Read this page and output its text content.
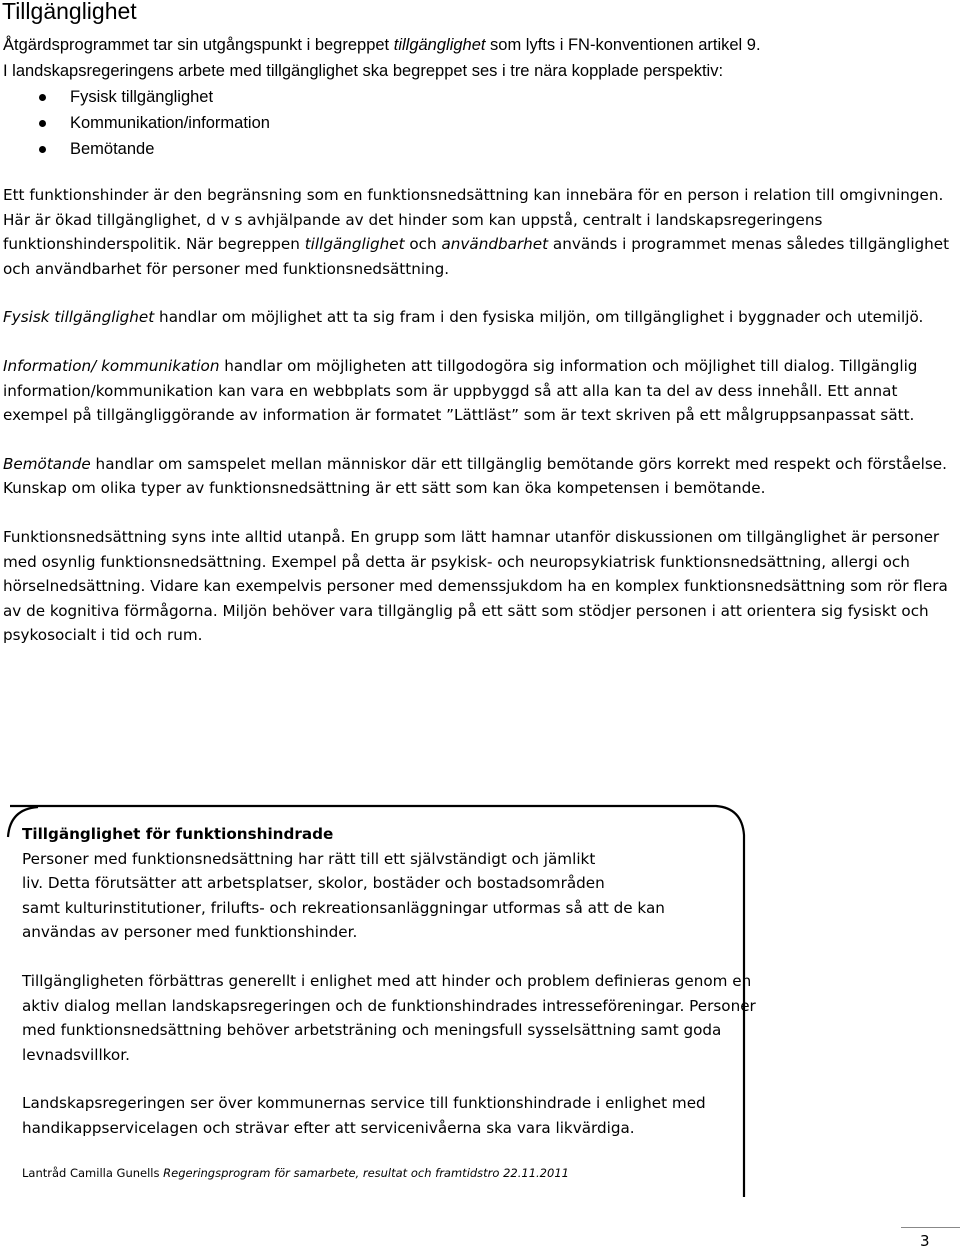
Tillgänglighet

Åtgärdsprogrammet tar sin utgångspunkt i begreppet tillgänglighet som lyfts i FN-konventionen artikel 9.

I landskapsregeringens arbete med tillgänglighet ska begreppet ses i tre nära kopplade perspektiv:

Fysisk tillgänglighet
Kommunikation/information
Bemötande

Ett funktionshinder är den begränsning som en funktionsnedsättning kan innebära för en person i relation till omgivningen. Här är ökad tillgänglighet, d v s avhjälpande av det hinder som kan uppstå, centralt i landskapsregeringens funktionshinderspolitik. När begreppen tillgänglighet och användbarhet används i programmet menas således tillgänglighet och användbarhet för personer med funktionsnedsättning.

Fysisk tillgänglighet handlar om möjlighet att ta sig fram i den fysiska miljön, om tillgänglighet i byggnader och utemiljö.

Information/ kommunikation handlar om möjligheten att tillgodogöra sig information och möjlighet till dialog. Tillgänglig information/kommunikation kan vara en webbplats som är uppbyggd så att alla kan ta del av dess innehåll. Ett annat exempel på tillgängliggörande av information är formatet ”Lättläst” som är text skriven på ett målgruppsanpassat sätt.

Bemötande handlar om samspelet mellan människor där ett tillgänglig bemötande görs korrekt med respekt och förståelse. Kunskap om olika typer av funktionsnedsättning är ett sätt som kan öka kompetensen i bemötande.

Funktionsnedsättning syns inte alltid utanpå. En grupp som lätt hamnar utanför diskussionen om tillgänglighet är personer med osynlig funktionsnedsättning. Exempel på detta är psykisk- och neuropsykiatrisk funktionsnedsättning, allergi och hörselnedsättning. Vidare kan exempelvis personer med demenssjukdom ha en komplex funktionsnedsättning som rör flera av de kognitiva förmågorna. Miljön behöver vara tillgänglig på ett sätt som stödjer personen i att orientera sig fysiskt och psykosocialt i tid och rum.

Tillgänglighet för funktionshindrade
Personer med funktionsnedsättning har rätt till ett självständigt och jämlikt
liv. Detta förutsätter att arbetsplatser, skolor, bostäder och bostadsområden
samt kulturinstitutioner, frilufts- och rekreationsanläggningar utformas så att de kan
användas av personer med funktionshinder.

Tillgängligheten förbättras generellt i enlighet med att hinder och problem definieras genom en aktiv dialog mellan landskapsregeringen och de funktionshindrades intresseföreningar. Personer med funktionsnedsättning behöver arbetsträning och meningsfull sysselsättning samt goda levnadsvillkor.

Landskapsregeringen ser över kommunernas service till funktionshindrade i enlighet med handikappservicelagen och strävar efter att servicenivåerna ska vara likvärdiga.

Lantråd Camilla Gunells Regeringsprogram för samarbete, resultat och framtidstro 22.11.2011

3
